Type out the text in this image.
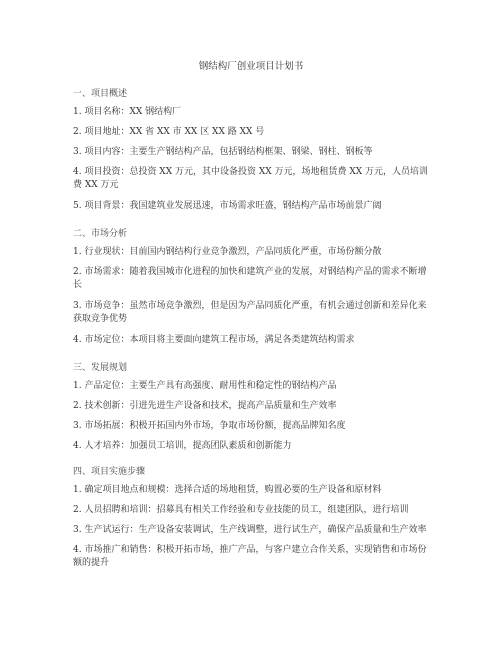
钢结构厂创业项目计划书
一、项目概述
1. 项目名称：XX 钢结构厂
2. 项目地址：XX 省 XX 市 XX 区 XX 路 XX 号
3. 项目内容：主要生产钢结构产品，包括钢结构框架、钢梁、钢柱、钢板等
4. 项目投资：总投资 XX 万元，其中设备投资 XX 万元，场地租赁费 XX 万元，人员培训费 XX 万元
5. 项目背景：我国建筑业发展迅速，市场需求旺盛，钢结构产品市场前景广阔
二、市场分析
1. 行业现状：目前国内钢结构行业竞争激烈，产品同质化严重，市场份额分散
2. 市场需求：随着我国城市化进程的加快和建筑产业的发展，对钢结构产品的需求不断增长
3. 市场竞争：虽然市场竞争激烈，但是因为产品同质化严重，有机会通过创新和差异化来获取竞争优势
4. 市场定位：本项目将主要面向建筑工程市场，满足各类建筑结构需求
三、发展规划
1. 产品定位：主要生产具有高强度、耐用性和稳定性的钢结构产品
2. 技术创新：引进先进生产设备和技术，提高产品质量和生产效率
3. 市场拓展：积极开拓国内外市场，争取市场份额，提高品牌知名度
4. 人才培养：加强员工培训，提高团队素质和创新能力
四、项目实施步骤
1. 确定项目地点和规模：选择合适的场地租赁，购置必要的生产设备和原材料
2. 人员招聘和培训：招募具有相关工作经验和专业技能的员工，组建团队，进行培训
3. 生产试运行：生产设备安装调试，生产线调整，进行试生产，确保产品质量和生产效率
4. 市场推广和销售：积极开拓市场，推广产品，与客户建立合作关系，实现销售和市场份额的提升
